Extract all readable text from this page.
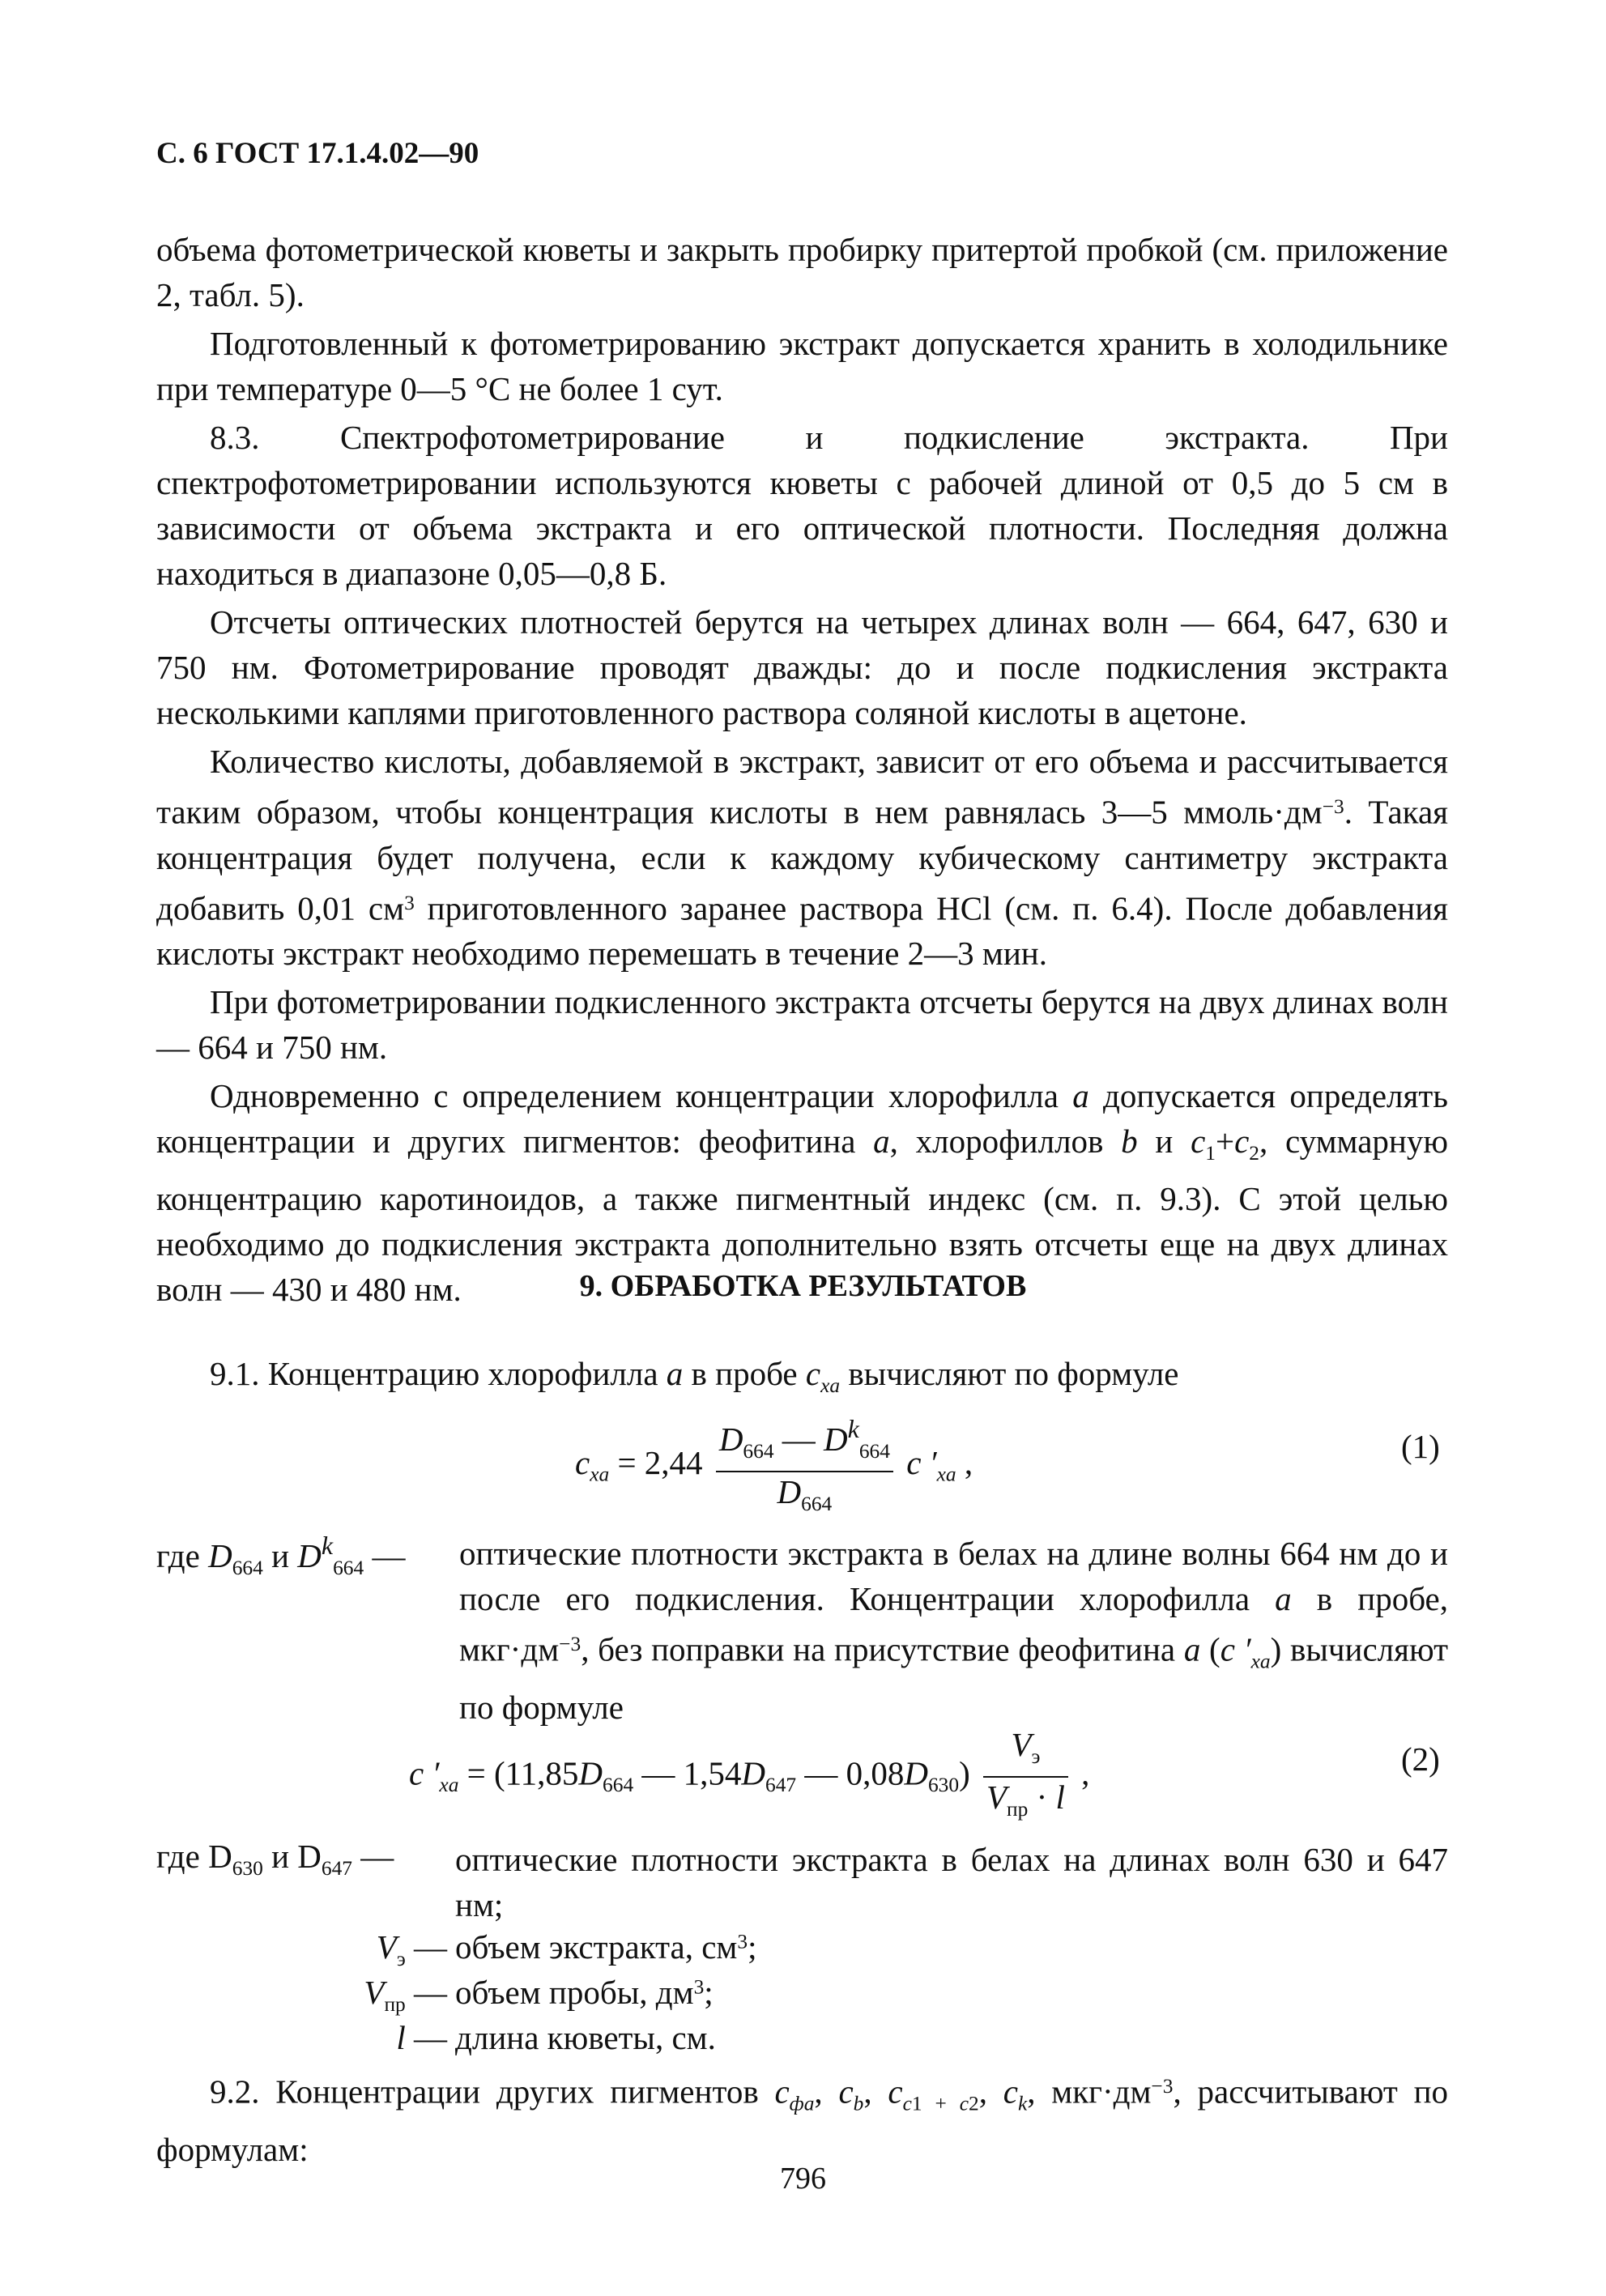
С. 6 ГОСТ 17.1.4.02—90

объема фотометрической кюветы и закрыть пробирку притертой пробкой (см. приложение 2, табл. 5).

Подготовленный к фотометрированию экстракт допускается хранить в холодильнике при температуре 0—5 °С не более 1 сут.

8.3. Спектрофотометрирование и подкисление экстракта. При спектрофотометрировании используются кюветы с рабочей длиной от 0,5 до 5 см в зависимости от объема экстракта и его оптической плотности. Последняя должна находиться в диапазоне 0,05—0,8 Б.

Отсчеты оптических плотностей берутся на четырех длинах волн — 664, 647, 630 и 750 нм. Фотометрирование проводят дважды: до и после подкисления экстракта несколькими каплями приготовленного раствора соляной кислоты в ацетоне.

Количество кислоты, добавляемой в экстракт, зависит от его объема и рассчитывается таким образом, чтобы концентрация кислоты в нем равнялась 3—5 $ммоль\cdot дм^{-3}$. Такая концентрация будет получена, если к каждому кубическому сантиметру экстракта добавить 0,01 $см^3$ приготовленного заранее раствора HCl (см. п. 6.4). После добавления кислоты экстракт необходимо перемешать в течение 2—3 мин.

При фотометрировании подкисленного экстракта отсчеты берутся на двух длинах волн — 664 и 750 нм.

Одновременно с определением концентрации хлорофилла a допускается определять концентрации и других пигментов: феофитина a, хлорофиллов b и $c_1+c_2$, суммарную концентрацию каротиноидов, а также пигментный индекс (см. п. 9.3). С этой целью необходимо до подкисления экстракта дополнительно взять отсчеты еще на двух длинах волн — 430 и 480 нм.	9. ОБРАБОТКА РЕЗУЛЬТАТОВ
9.1. Концентрацию хлорофилла a в пробе $c_{хa}$ вычисляют по формуле
$c_{хa} = 2,44 \frac{D_{664} — D^k_{664}}{D_{664}}$ c $'_{хa}$ ,	(1)
где $D_{664}$ и $D^k_{664}$ — оптические плотности экстракта в белах на длине волны 664 нм до и после его подкисления. Концентрации хлорофилла a в пробе, $мкг\cdot дм^{-3}$, без поправки на присутствие феофитина a (c $'_{хa}$) вычисляют по формуле
c $'_{хa} = (11,85D_{664}$ — $1,54D_{647}$ — $0,08D_{630}) \frac{V_э}{V_{пр} \cdot l}$ ,	(2)
где $D_{630}$ и $D_{647}$ — оптические плотности экстракта в белах на длинах волн 630 и 647 нм;
$V_э$ — объем экстракта, $см^3$;
$V_{пр}$ — объем пробы, $дм^3$;
l — длина кюветы, см.

9.2. Концентрации других пигментов $c_{фa}$, $c_b$, $c_{c1 + c2}$, $c_k$, $мкг\cdot дм^{-3}$, рассчитывают по формулам:

796
